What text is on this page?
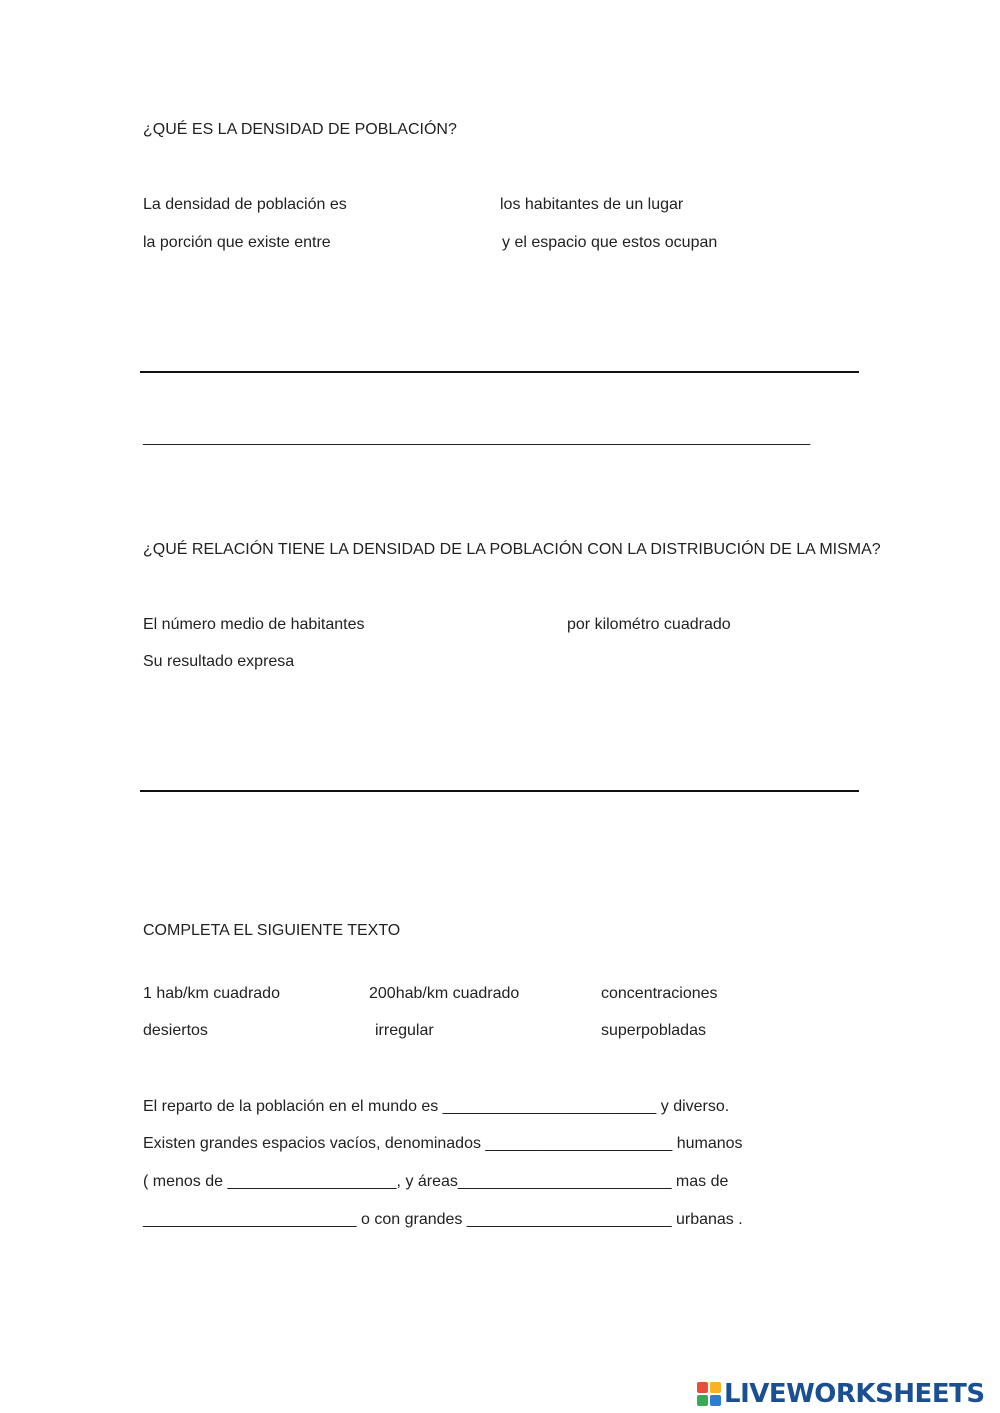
¿QUÉ ES LA DENSIDAD DE POBLACIÓN?
La densidad de población es	los habitantes de un lugar
la porción que existe entre	y el espacio que estos ocupan
______________________________________________________________________________
¿QUÉ RELACIÓN TIENE LA DENSIDAD DE LA POBLACIÓN CON LA DISTRIBUCIÓN DE LA MISMA?
El número medio de habitantes	por kilométro cuadrado
Su resultado expresa
COMPLETA EL SIGUIENTE TEXTO
1 hab/km cuadrado	200hab/km cuadrado	concentraciones
desiertos	irregular	superpobladas
El reparto de la población en el mundo es ________________________ y diverso.
Existen grandes espacios vacíos, denominados _____________________ humanos
( menos de ___________________, y áreas________________________ mas de
________________________ o con grandes _______________________ urbanas .
LIVEWORKSHEETS
